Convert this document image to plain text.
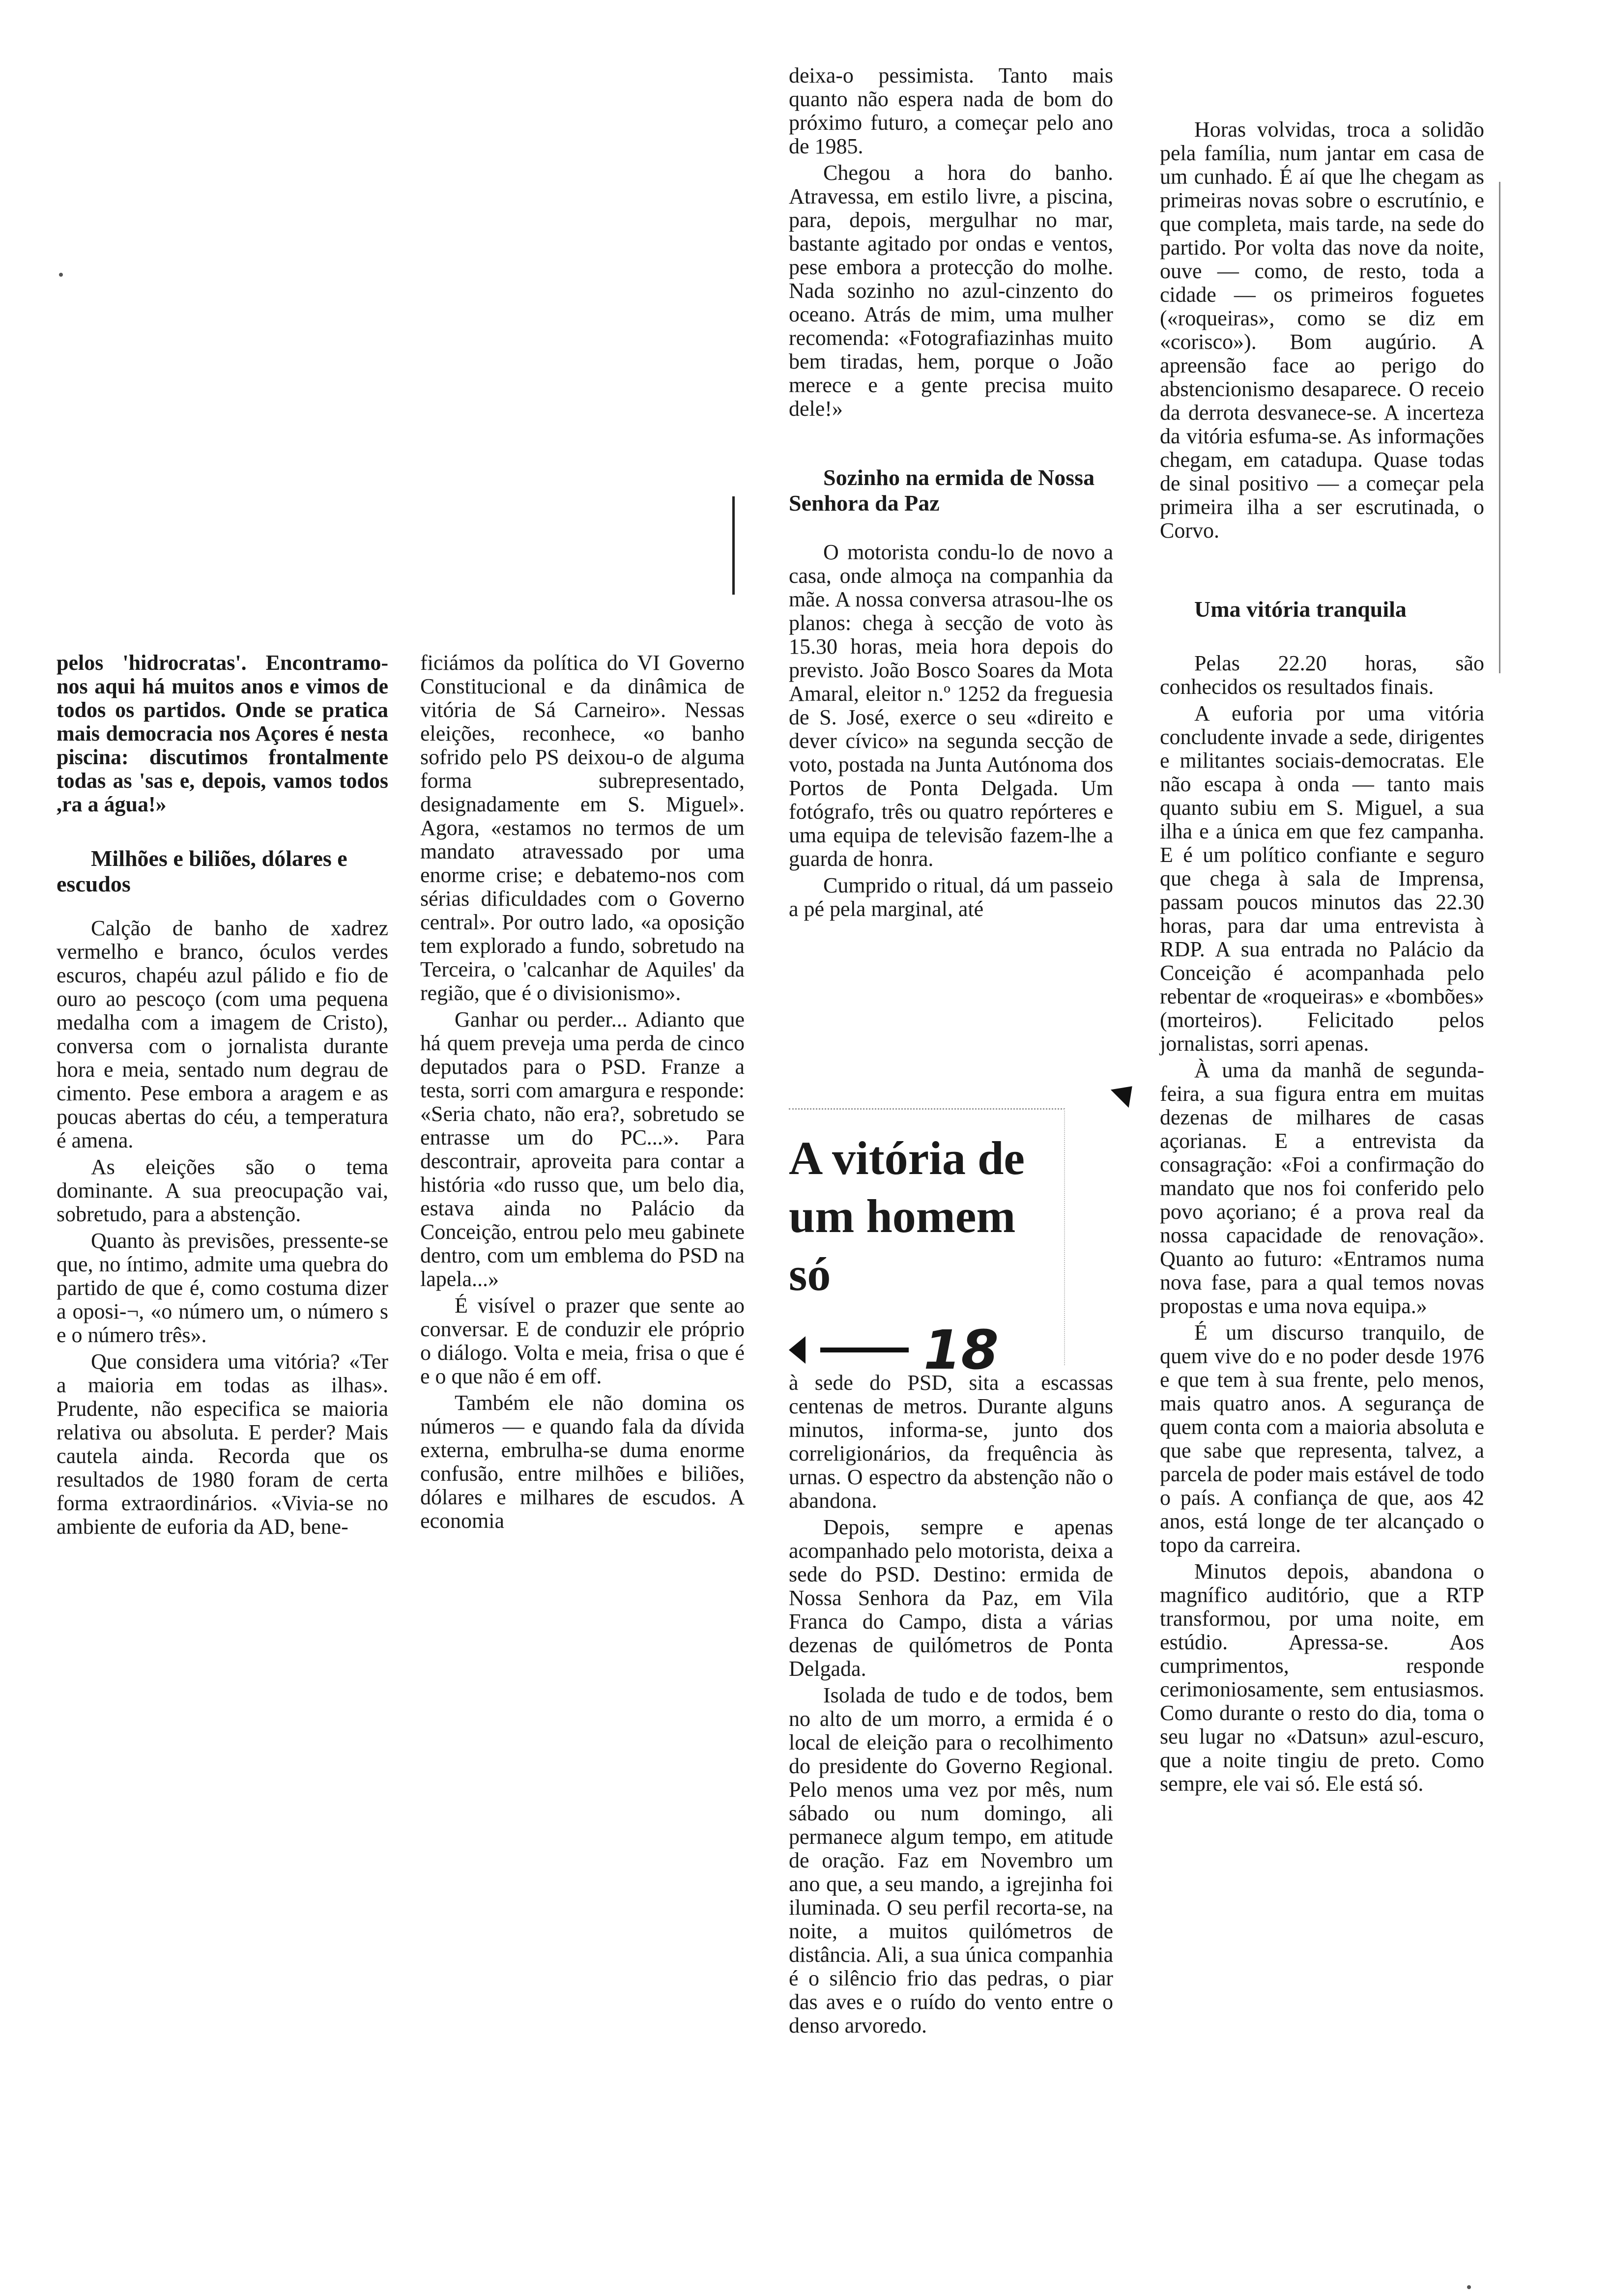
pelos 'hidrocratas'. Encontramo-nos aqui há muitos anos e vimos de todos os partidos. Onde se pratica mais democracia nos Açores é nesta piscina: discutimos frontalmente todas as 'sas e, depois, vamos todos ,ra a água!»

Milhões e biliões, dólares e escudos

Calção de banho de xadrez vermelho e branco, óculos verdes escuros, chapéu azul pálido e fio de ouro ao pescoço (com uma pequena medalha com a imagem de Cristo), conversa com o jornalista durante hora e meia, sentado num degrau de cimento. Pese embora a aragem e as poucas abertas do céu, a temperatura é amena.

As eleições são o tema dominante. A sua preocupação vai, sobretudo, para a abstenção.

Quanto às previsões, pressente-se que, no íntimo, admite uma quebra do partido de que é, como costuma dizer a oposi-¬, «o número um, o número s e o número três».

Que considera uma vitória? «Ter a maioria em todas as ilhas». Prudente, não especifica se maioria relativa ou absoluta. E perder? Mais cautela ainda. Recorda que os resultados de 1980 foram de certa forma extraordinários. «Vivia-se no ambiente de euforia da AD, bene-

ficiámos da política do VI Governo Constitucional e da dinâmica de vitória de Sá Carneiro». Nessas eleições, reconhece, «o banho sofrido pelo PS deixou-o de alguma forma subrepresentado, designadamente em S. Miguel». Agora, «estamos no termos de um mandato atravessado por uma enorme crise; e debatemo-nos com sérias dificuldades com o Governo central». Por outro lado, «a oposição tem explorado a fundo, sobretudo na Terceira, o 'calcanhar de Aquiles' da região, que é o divisionismo».

Ganhar ou perder... Adianto que há quem preveja uma perda de cinco deputados para o PSD. Franze a testa, sorri com amargura e responde: «Seria chato, não era?, sobretudo se entrasse um do PC...». Para descontrair, aproveita para contar a história «do russo que, um belo dia, estava ainda no Palácio da Conceição, entrou pelo meu gabinete dentro, com um emblema do PSD na lapela...»

É visível o prazer que sente ao conversar. E de conduzir ele próprio o diálogo. Volta e meia, frisa o que é e o que não é em off.

Também ele não domina os números — e quando fala da dívida externa, embrulha-se duma enorme confusão, entre milhões e biliões, dólares e milhares de escudos. A economia

deixa-o pessimista. Tanto mais quanto não espera nada de bom do próximo futuro, a começar pelo ano de 1985.

Chegou a hora do banho. Atravessa, em estilo livre, a piscina, para, depois, mergulhar no mar, bastante agitado por ondas e ventos, pese embora a protecção do molhe. Nada sozinho no azul-cinzento do oceano. Atrás de mim, uma mulher recomenda: «Fotografiazinhas muito bem tiradas, hem, porque o João merece e a gente precisa muito dele!»

Sozinho na ermida de Nossa Senhora da Paz

O motorista condu-lo de novo a casa, onde almoça na companhia da mãe. A nossa conversa atrasou-lhe os planos: chega à secção de voto às 15.30 horas, meia hora depois do previsto. João Bosco Soares da Mota Amaral, eleitor n.º 1252 da freguesia de S. José, exerce o seu «direito e dever cívico» na segunda secção de voto, postada na Junta Autónoma dos Portos de Ponta Delgada. Um fotógrafo, três ou quatro repórteres e uma equipa de televisão fazem-lhe a guarda de honra.

Cumprido o ritual, dá um passeio a pé pela marginal, até

A vitória de um homem só
18

à sede do PSD, sita a escassas centenas de metros. Durante alguns minutos, informa-se, junto dos correligionários, da frequência às urnas. O espectro da abstenção não o abandona.

Depois, sempre e apenas acompanhado pelo motorista, deixa a sede do PSD. Destino: ermida de Nossa Senhora da Paz, em Vila Franca do Campo, dista a várias dezenas de quilómetros de Ponta Delgada.

Isolada de tudo e de todos, bem no alto de um morro, a ermida é o local de eleição para o recolhimento do presidente do Governo Regional. Pelo menos uma vez por mês, num sábado ou num domingo, ali permanece algum tempo, em atitude de oração. Faz em Novembro um ano que, a seu mando, a igrejinha foi iluminada. O seu perfil recorta-se, na noite, a muitos quilómetros de distância. Ali, a sua única companhia é o silêncio frio das pedras, o piar das aves e o ruído do vento entre o denso arvoredo.

Horas volvidas, troca a solidão pela família, num jantar em casa de um cunhado. É aí que lhe chegam as primeiras novas sobre o escrutínio, e que completa, mais tarde, na sede do partido. Por volta das nove da noite, ouve — como, de resto, toda a cidade — os primeiros foguetes («roqueiras», como se diz em «corisco»). Bom augúrio. A apreensão face ao perigo do abstencionismo desaparece. O receio da derrota desvanece-se. A incerteza da vitória esfuma-se. As informações chegam, em catadupa. Quase todas de sinal positivo — a começar pela primeira ilha a ser escrutinada, o Corvo.

Uma vitória tranquila

Pelas 22.20 horas, são conhecidos os resultados finais.

A euforia por uma vitória concludente invade a sede, dirigentes e militantes sociais-democratas. Ele não escapa à onda — tanto mais quanto subiu em S. Miguel, a sua ilha e a única em que fez campanha. E é um político confiante e seguro que chega à sala de Imprensa, passam poucos minutos das 22.30 horas, para dar uma entrevista à RDP. A sua entrada no Palácio da Conceição é acompanhada pelo rebentar de «roqueiras» e «bombões» (morteiros). Felicitado pelos jornalistas, sorri apenas.

À uma da manhã de segunda-feira, a sua figura entra em muitas dezenas de milhares de casas açorianas. E a entrevista da consagração: «Foi a confirmação do mandato que nos foi conferido pelo povo açoriano; é a prova real da nossa capacidade de renovação». Quanto ao futuro: «Entramos numa nova fase, para a qual temos novas propostas e uma nova equipa.»

É um discurso tranquilo, de quem vive do e no poder desde 1976 e que tem à sua frente, pelo menos, mais quatro anos. A segurança de quem conta com a maioria absoluta e que sabe que representa, talvez, a parcela de poder mais estável de todo o país. A confiança de que, aos 42 anos, está longe de ter alcançado o topo da carreira.

Minutos depois, abandona o magnífico auditório, que a RTP transformou, por uma noite, em estúdio. Apressa-se. Aos cumprimentos, responde cerimoniosamente, sem entusiasmos. Como durante o resto do dia, toma o seu lugar no «Datsun» azul-escuro, que a noite tingiu de preto. Como sempre, ele vai só. Ele está só.
